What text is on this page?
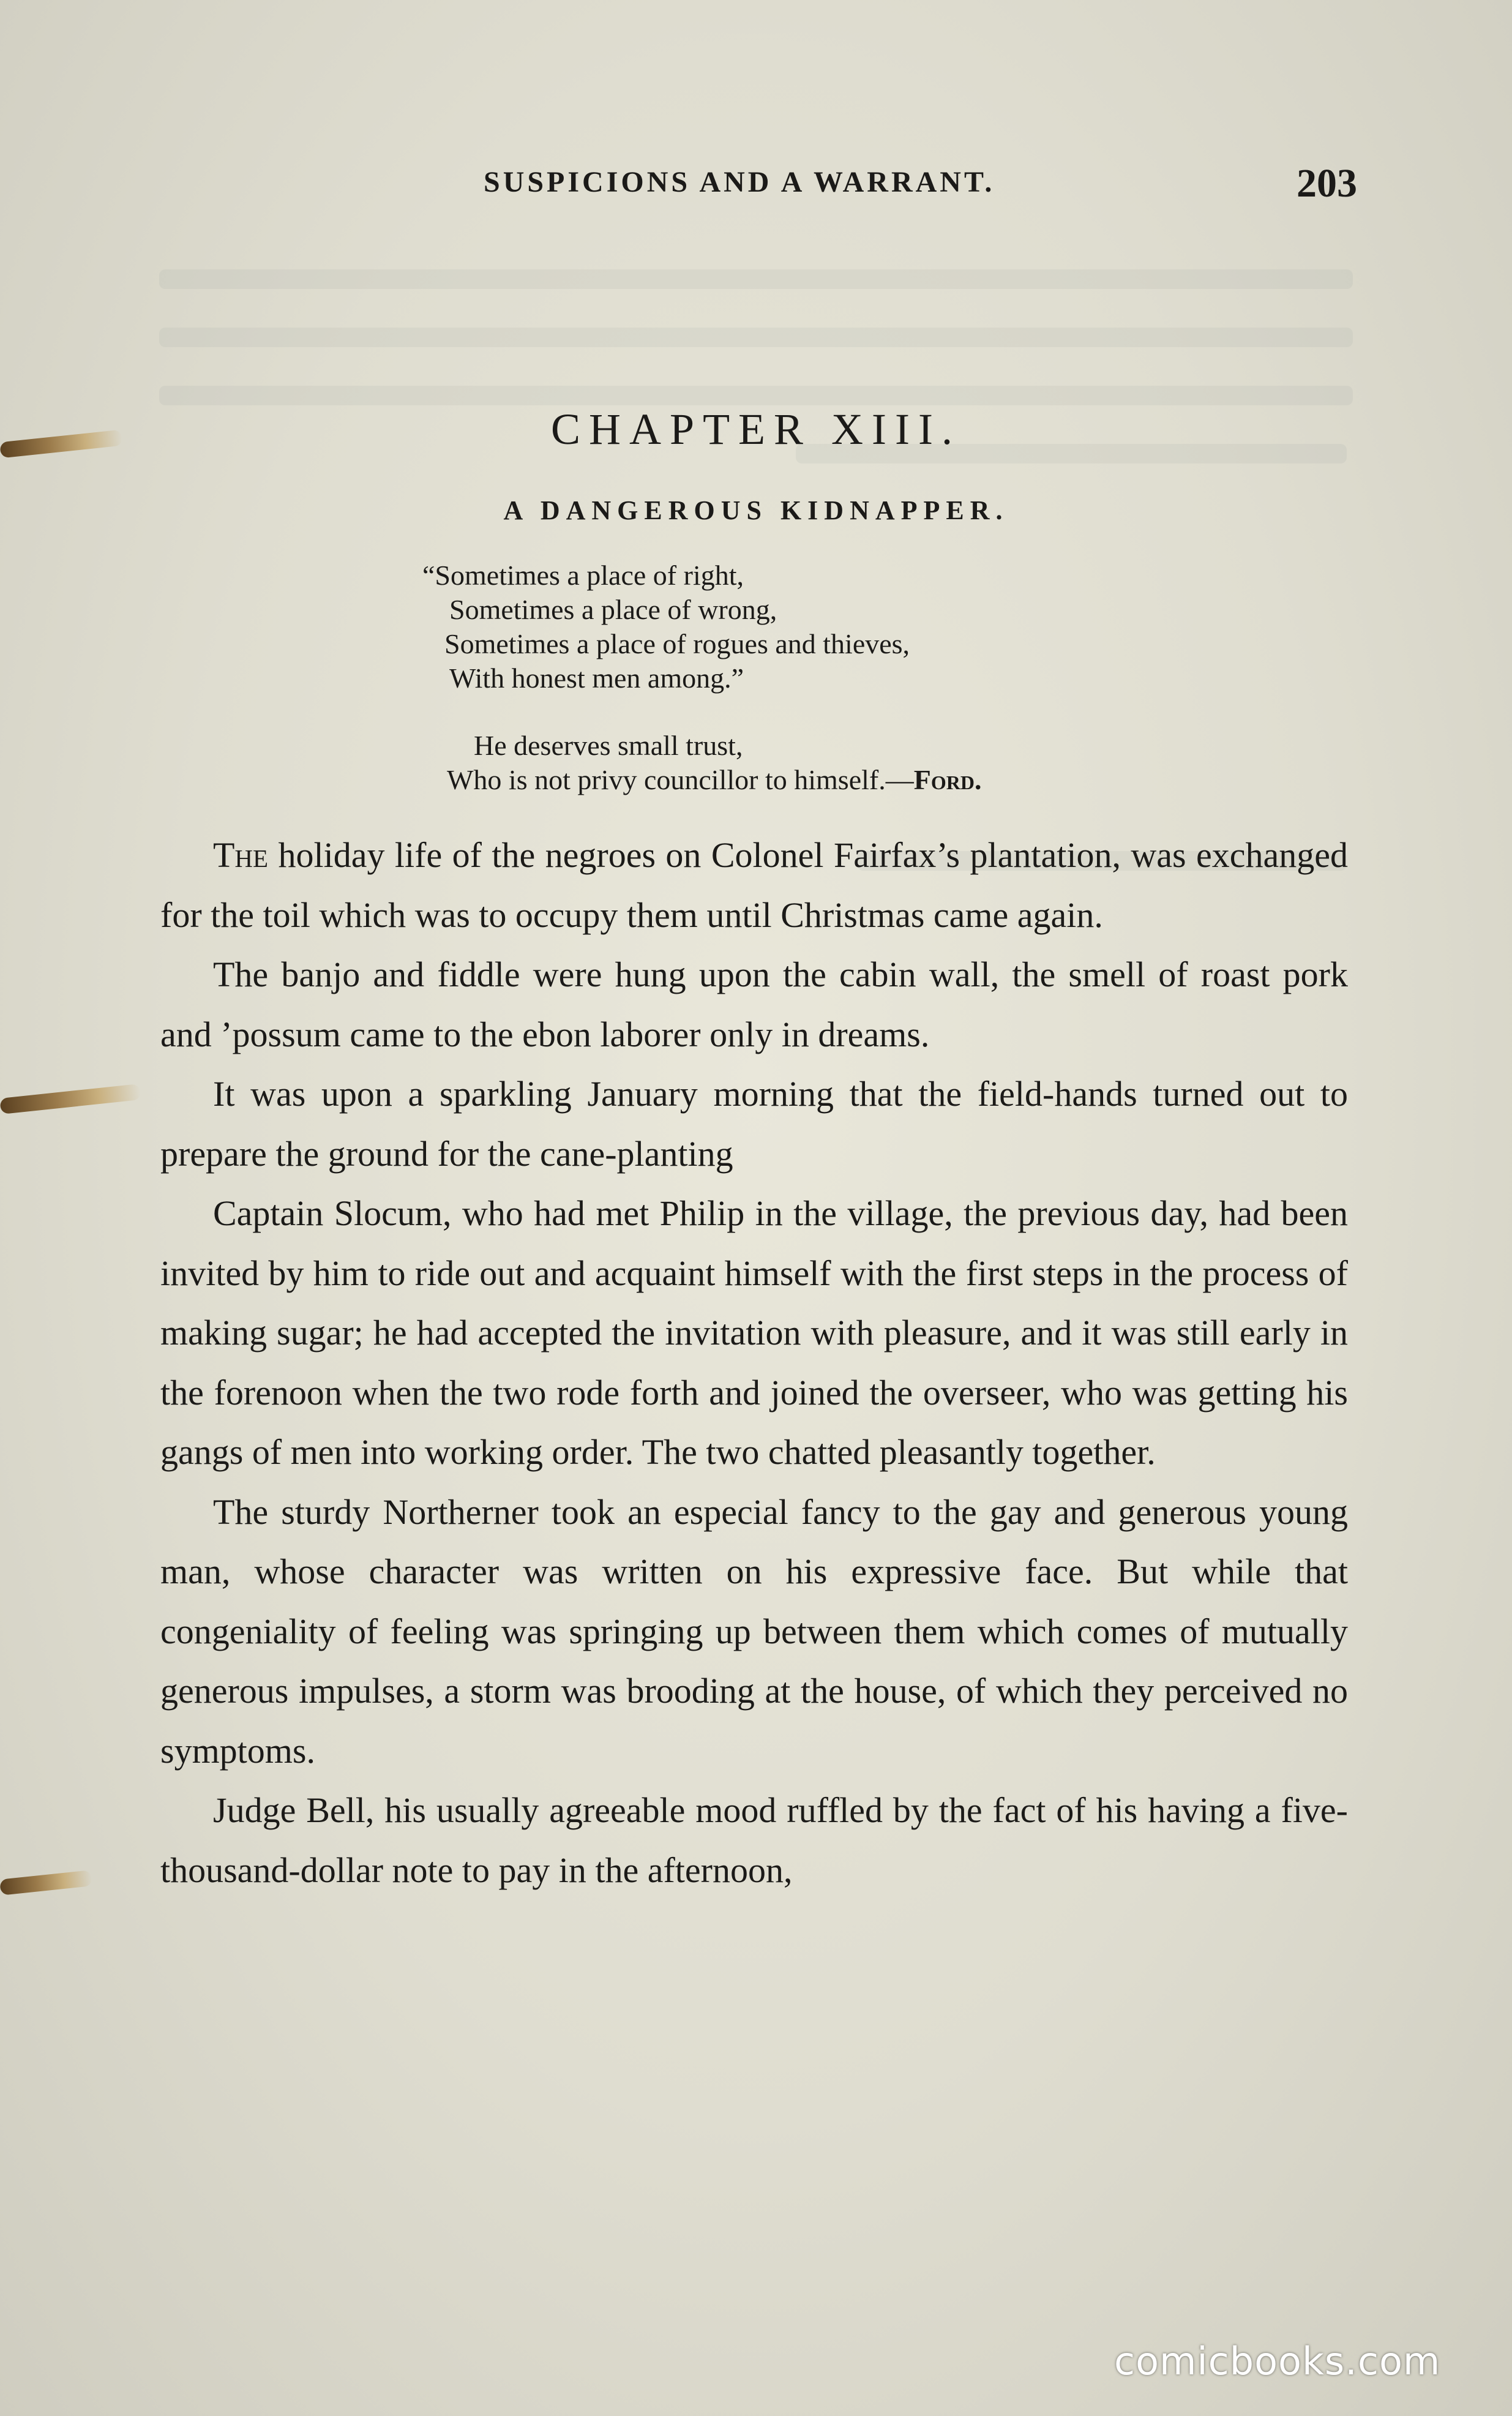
SUSPICIONS AND A WARRANT.	203
CHAPTER XIII.
A DANGEROUS KIDNAPPER.
“Sometimes a place of right,
Sometimes a place of wrong,
Sometimes a place of rogues and thieves,
With honest men among.”
He deserves small trust,
Who is not privy councillor to himself.—Ford.

The holiday life of the negroes on Colonel Fairfax’s plantation, was exchanged for the toil which was to occupy them until Christmas came again.

The banjo and fiddle were hung upon the cabin wall, the smell of roast pork and ’possum came to the ebon laborer only in dreams.

It was upon a sparkling January morning that the field-hands turned out to prepare the ground for the cane-planting

Captain Slocum, who had met Philip in the village, the previous day, had been invited by him to ride out and acquaint himself with the first steps in the process of making sugar; he had accepted the invitation with pleasure, and it was still early in the forenoon when the two rode forth and joined the overseer, who was getting his gangs of men into working order. The two chatted pleasantly together.

The sturdy Northerner took an especial fancy to the gay and generous young man, whose character was written on his expressive face. But while that congeniality of feeling was springing up between them which comes of mutually generous impulses, a storm was brooding at the house, of which they perceived no symptoms.

Judge Bell, his usually agreeable mood ruffled by the fact of his having a five-thousand-dollar note to pay in the afternoon,

comicbooks.com
